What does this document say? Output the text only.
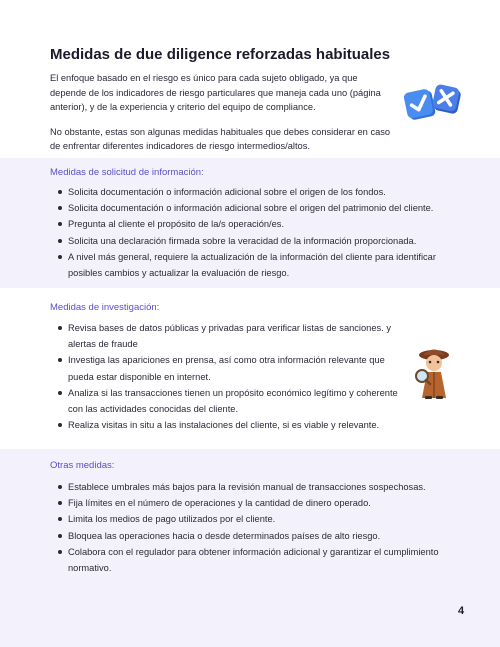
Medidas de due diligence reforzadas habituales

El enfoque basado en el riesgo es único para cada sujeto obligado, ya que depende de los indicadores de riesgo particulares que maneja cada uno (página anterior), y de la experiencia y criterio del equipo de compliance.

No obstante, estas son algunas medidas habituales que debes considerar en caso de enfrentar diferentes indicadores de riesgo intermedios/altos.

Medidas de solicitud de información:
Solicita documentación o información adicional sobre el origen de los fondos.
Solicita documentación o información adicional sobre el origen del patrimonio del cliente.
Pregunta al cliente el propósito de la/s operación/es.
Solicita una declaración firmada sobre la veracidad de la información proporcionada.
A nivel más general, requiere la actualización de la información del cliente para identificar posibles cambios y actualizar la evaluación de riesgo.
Medidas de investigación:
Revisa bases de datos públicas y privadas para verificar listas de sanciones. y alertas de fraude
Investiga las apariciones en prensa, así como otra información relevante que pueda estar disponible en internet.
Analiza si las transacciones tienen un propósito económico legítimo y coherente con las actividades conocidas del cliente.
Realiza visitas in situ a las instalaciones del cliente, si es viable y relevante.
Otras medidas:
Establece umbrales más bajos para la revisión manual de transacciones sospechosas.
Fija límites en el número de operaciones y la cantidad de dinero operado.
Limita los medios de pago utilizados por el cliente.
Bloquea las operaciones hacia o desde determinados países de alto riesgo.
Colabora con el regulador para obtener información adicional y garantizar el cumplimiento normativo.
4
